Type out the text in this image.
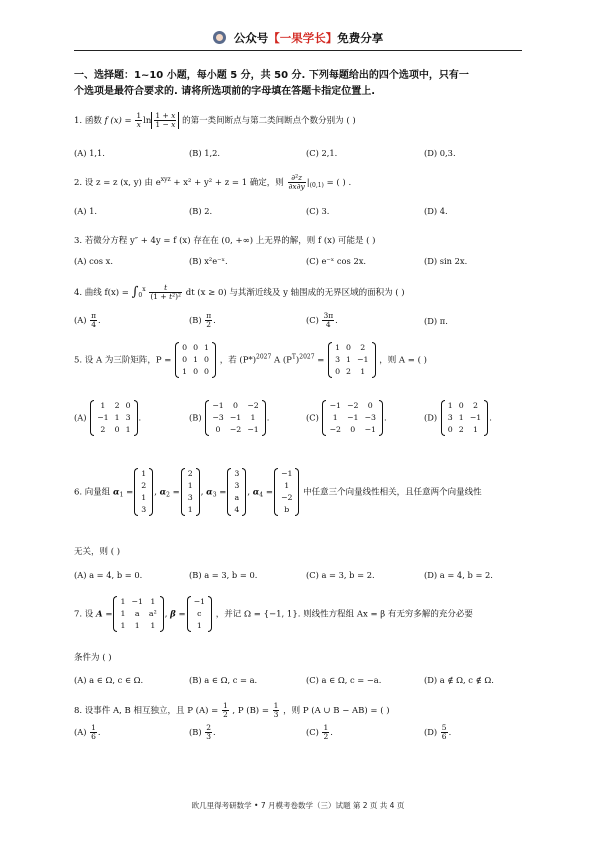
公众号【一果学长】免费分享
一、选择题：1~10 小题，每小题 5 分，共 50 分. 下列每题给出的四个选项中，只有一
个选项是最符合要求的. 请将所选项前的字母填在答题卡指定位置上.
1. 函数 f $(x) = \frac{1}{x}$ $\ln \frac{1 + x}{1 - x}$ 的第一类间断点与第二类间断点个数分别为 ( )
(A) 1,1.	(B) 1,2.	(C) 2,1.	(D) 0,3.
2. 设 z = z (x, y) 由 $e^{xyz} + x^2 + y^2 + z = 1$ 确定，则 $\frac{\text{∂²z}}{\partial x\partial y} |_{(0,1)}$ = ( ) .
(A) 1.	(B) 2.	(C) 3.	(D) 4.
3. 若微分方程 y″ + 4y = f (x) 存在在 (0, +∞) 上无界的解，则 f (x) 可能是 ( )
(A) cos x.	(B) x²e⁻ˣ.	(C) e⁻ˣ cos 2x.	(D) sin 2x.
4. 曲线 $f(x) = \int_0^x \frac{t}{\text{(1 + t²)²}}$ dt (x ≥ 0) 与其渐近线及 y 轴围成的无界区域的面积为 ( )
$(A) \frac{\pi}{4}$ .	$(B) \frac{\pi}{2}$ .	$(C) \frac{3\pi}{4}$ .	(D) π.
5. 设 A 为三阶矩阵，P =
0	0	1
0	1	0
1	0	0
，若 $(P*)^{2027}$ A $(P^T)^{2027}$ =
1	0	2
3	1	−1
0	2	1
，则 A = ( )
(A)
1	2	0
−1	1	3
2	0	1
.	(B)
−1	0	−2
−3	−1	1
0	−2	−1
.	(C)
−1	−2	0
1	−1	−3
−2	0	−1
.	(D)
1	0	2
3	1	−1
0	2	1
.
6. 向量组 $\alpha_1$ =
1
2
1
3
, $\alpha_2$ =
2
1
3
1
, $\alpha_3$ =
3
3
a
4
, $\alpha_4$ =
−1
1
−2
b
中任意三个向量线性相关，且任意两个向量线性
无关，则 ( )
(A) a = 4, b = 0.	(B) a = 3, b = 0.	(C) a = 3, b = 2.	(D) a = 4, b = 2.
7. 设 A =
1	−1	1
1	a	a²
1	1	1
, β =
−1
c
1
，并记 Ω = {−1, 1}. 则线性方程组 Ax = β 有无穷多解的充分必要
条件为 ( )
(A) a ∈ Ω, c ∈ Ω.	(B) a ∈ Ω, c = a.	(C) a ∈ Ω, c = −a.	(D) a ∉ Ω, c ∉ Ω.
8. 设事件 A, B 相互独立，且 P $(A) = \frac{1}{2}$ , P $(B) = \frac{1}{3}$ ，则 P (A ∪ B − AB) = ( )
$(A) \frac{1}{6}$ .	$(B) \frac{2}{3}$ .	$(C) \frac{1}{2}$ .	$(D) \frac{5}{6}$ .
欧几里得考研数学 • 7 月模考卷数学（三）试题 第 2 页 共 4 页
